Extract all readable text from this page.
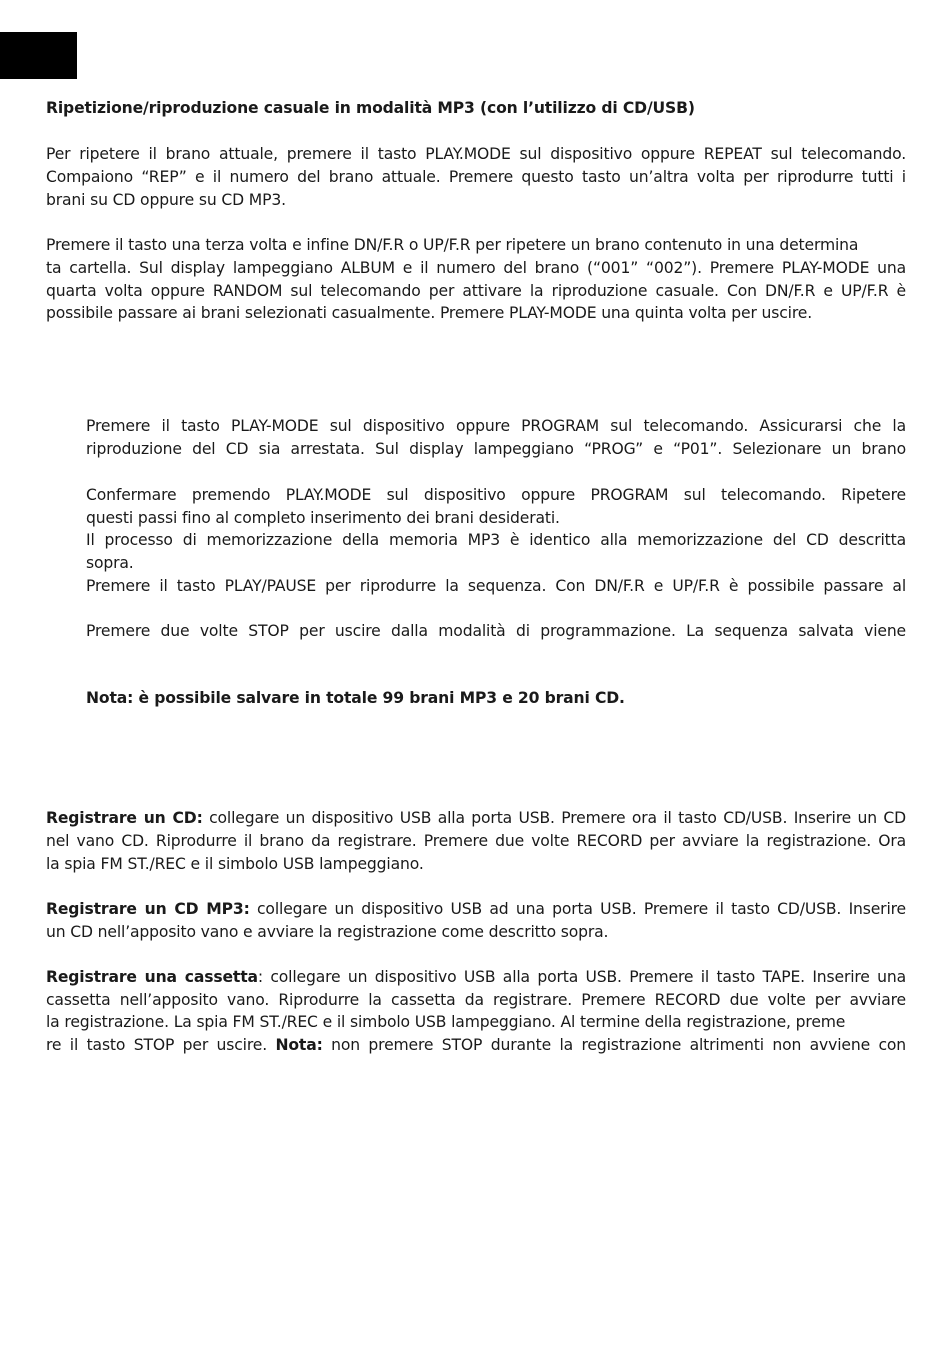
Ripetizione/riproduzione casuale in modalità MP3 (con l’utilizzo di CD/USB)

Per ripetere il brano attuale, premere il tasto PLAY.MODE sul dispositivo oppure REPEAT sul telecomando.

Compaiono “REP” e il numero del brano attuale. Premere questo tasto un’altra volta per riprodurre tutti i

brani su CD oppure su CD MP3.

Premere il tasto una terza volta e infine DN/F.R o UP/F.R per ripetere un brano contenuto in una determina

ta cartella. Sul display lampeggiano ALBUM e il numero del brano (“001” “002”). Premere PLAY-MODE una

quarta volta oppure RANDOM sul telecomando per attivare la riproduzione casuale. Con DN/F.R e UP/F.R è

possibile passare ai brani selezionati casualmente. Premere PLAY-MODE una quinta volta per uscire.

Premere il tasto PLAY-MODE sul dispositivo oppure PROGRAM sul telecomando. Assicurarsi che la

riproduzione del CD sia arrestata. Sul display lampeggiano “PROG” e “P01”. Selezionare un brano

Confermare premendo PLAY.MODE sul dispositivo oppure PROGRAM sul telecomando. Ripetere

questi passi fino al completo inserimento dei brani desiderati.

Il processo di memorizzazione della memoria MP3 è identico alla memorizzazione del CD descritta

sopra.

Premere il tasto PLAY/PAUSE per riprodurre la sequenza. Con DN/F.R e UP/F.R è possibile passare al

Premere due volte STOP per uscire dalla modalità di programmazione. La sequenza salvata viene

Nota: è possibile salvare in totale 99 brani MP3 e 20 brani CD.

Registrare un CD: collegare un dispositivo USB alla porta USB. Premere ora il tasto CD/USB. Inserire un CD

nel vano CD. Riprodurre il brano da registrare. Premere due volte RECORD per avviare la registrazione. Ora

la spia FM ST./REC e il simbolo USB lampeggiano.

Registrare un CD MP3: collegare un dispositivo USB ad una porta USB. Premere il tasto CD/USB. Inserire

un CD nell’apposito vano e avviare la registrazione come descritto sopra.

Registrare una cassetta: collegare un dispositivo USB alla porta USB. Premere il tasto TAPE. Inserire una

cassetta nell’apposito vano. Riprodurre la cassetta da registrare. Premere RECORD due volte per avviare

la registrazione. La spia FM ST./REC e il simbolo USB lampeggiano. Al termine della registrazione, preme

re il tasto STOP per uscire. Nota: non premere STOP durante la registrazione altrimenti non avviene con
